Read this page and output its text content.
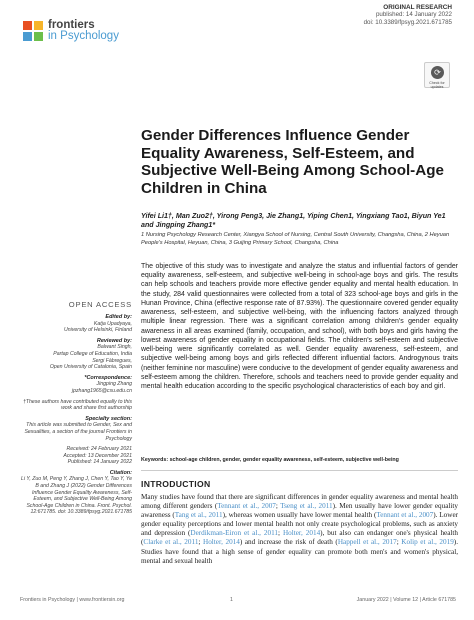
frontiers
in Psychology
ORIGINAL RESEARCH
published: 14 January 2022
doi: 10.3389/fpsyg.2021.671785
⟳
Check for updates
Gender Differences Influence Gender Equality Awareness, Self-Esteem, and Subjective Well-Being Among School-Age Children in China
Yifei Li1†, Man Zuo2†, Yirong Peng3, Jie Zhang1, Yiping Chen1, Yingxiang Tao1, Biyun Ye1 and Jingping Zhang1*
1 Nursing Psychology Research Center, Xiangya School of Nursing, Central South University, Changsha, China, 2 Heyuan People's Hospital, Heyuan, China, 3 Guijing Primary School, Changsha, China
OPEN ACCESS
Edited by:
Katja Upadyaya,
University of Helsinki, Finland
Reviewed by:
Balwant Singh,
Partap College of Education, India
Sergi Fàbregues,
Open University of Catalonia, Spain
*Correspondence:
Jingping Zhang
jpzhang1965@csu.edu.cn
†These authors have contributed equally to this work and share first authorship
Specialty section:
This article was submitted to Gender, Sex and Sexualities, a section of the journal Frontiers in Psychology
Received: 24 February 2021
Accepted: 13 December 2021
Published: 14 January 2022
Citation:
Li Y, Zuo M, Peng Y, Zhang J, Chen Y, Tao Y, Ye B and Zhang J (2022) Gender Differences Influence Gender Equality Awareness, Self-Esteem, and Subjective Well-Being Among School-Age Children in China. Front. Psychol. 12:671785. doi: 10.3389/fpsyg.2021.671785

The objective of this study was to investigate and analyze the status and influential factors of gender equality awareness, self-esteem, and subjective well-being in school-age boys and girls. The results can help schools and teachers provide more effective gender equality and mental health education. In the study, 284 valid questionnaires were collected from a total of 323 school-age boys and girls in the Hunan Province, China (effective response rate of 87.93%). The questionnaire covered gender equality awareness, self-esteem, and subjective well-being, with the influencing factors analyzed through multiple linear regression. There was a significant correlation among children's gender equality awareness in all areas examined (family, occupation, and school), with both boys and girls having the lowest awareness of gender equality in occupational fields. The children's self-esteem and subjective well-being were significantly correlated as well. Gender equality awareness, self-esteem, and subjective well-being among boys and girls reflected different influential factors. Androgynous traits (neither feminine nor masculine) were conducive to the development of gender equality awareness and self-esteem among the children. Therefore, schools and teachers need to provide gender equality and mental health education according to the specific psychological characteristics of each boy and girl.

Keywords: school-age children, gender, gender equality awareness, self-esteem, subjective well-being
INTRODUCTION

Many studies have found that there are significant differences in gender equality awareness and mental health among different genders (Tennant et al., 2007; Tseng et al., 2011). Men usually have lower gender equality awareness (Tang et al., 2011), whereas women usually have lower mental health (Tennant et al., 2007). Lower gender equality perceptions and lower mental health not only create psychological problems, such as anxiety and depression (Derdikman-Eiron et al., 2011; Holter, 2014), but also can endanger one's physical health (Clarke et al., 2011; Holter, 2014) and increase the risk of death (Happell et al., 2017; Kolip et al., 2019). Studies have found that a high sense of gender equality can promote both men's and women's physical, mental and sexual health

Frontiers in Psychology | www.frontiersin.org	1	January 2022 | Volume 12 | Article 671785
